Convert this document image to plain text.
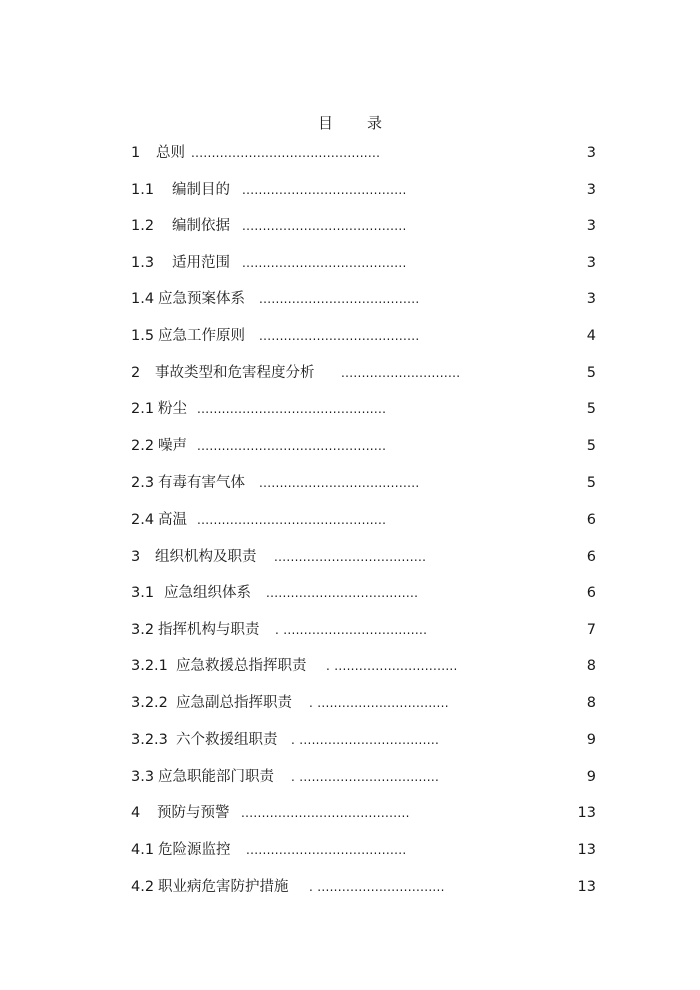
目 录
1 总则 ..............................................	3
1.1 编制目的 ........................................	3
1.2 编制依据 ........................................	3
1.3 适用范围 ........................................	3
1.4 应急预案体系 .......................................	3
1.5 应急工作原则 .......................................	4
2 事故类型和危害程度分析 .............................	5
2.1 粉尘 ..............................................	5
2.2 噪声 ..............................................	5
2.3 有毒有害气体 .......................................	5
2.4 高温 ..............................................	6
3 组织机构及职责 .....................................	6
3.1 应急组织体系 .....................................	6
3.2 指挥机构与职责 . ...................................	7
3.2.1 应急救援总指挥职责 . ..............................	8
3.2.2 应急副总指挥职责 . ................................	8
3.2.3 六个救援组职责 . ..................................	9
3.3 应急职能部门职责 . ..................................	9
4 预防与预警 .........................................	13
4.1 危险源监控 .......................................	13
4.2 职业病危害防护措施 . ...............................	13
